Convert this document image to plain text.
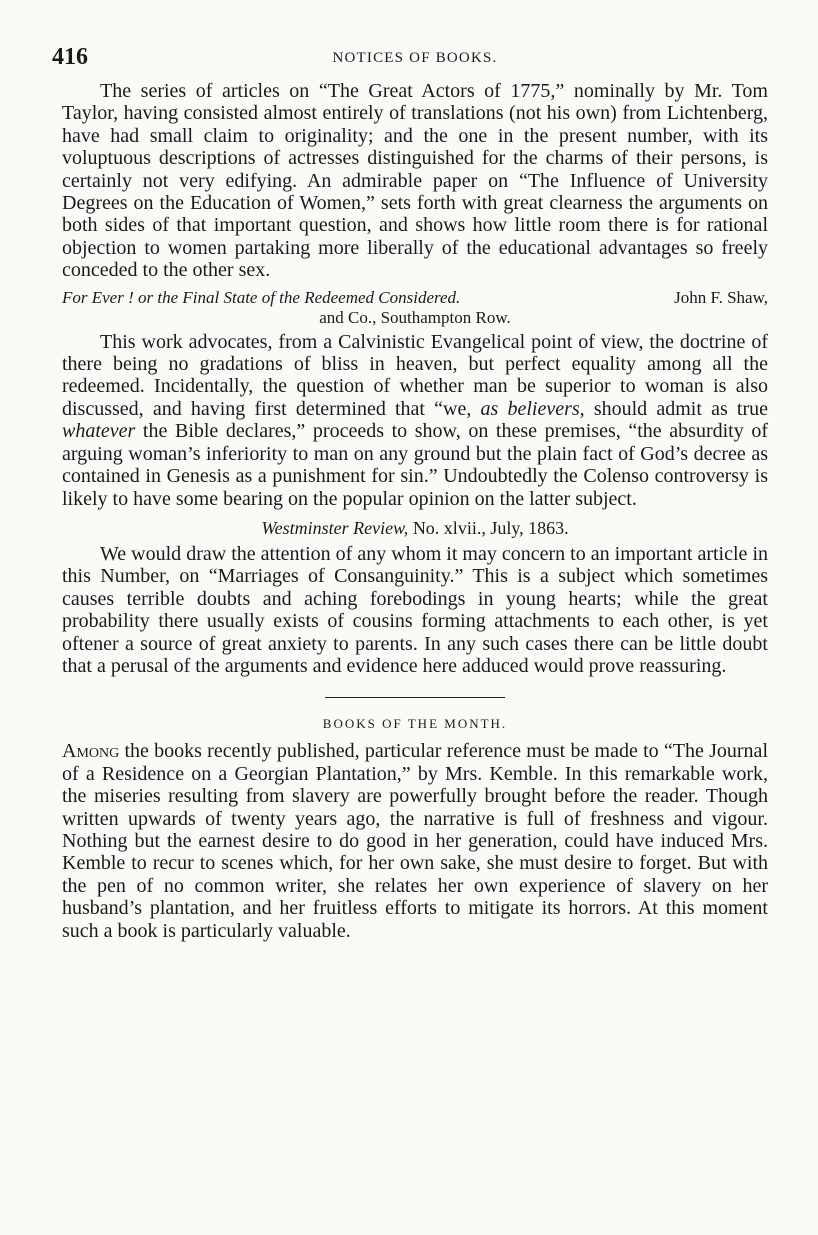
416	NOTICES OF BOOKS.

The series of articles on “The Great Actors of 1775,” nominally by Mr. Tom Taylor, having consisted almost entirely of translations (not his own) from Lichtenberg, have had small claim to originality; and the one in the present number, with its voluptuous descriptions of actresses distinguished for the charms of their persons, is certainly not very edifying. An admirable paper on “The Influence of University Degrees on the Education of Women,” sets forth with great clearness the arguments on both sides of that important question, and shows how little room there is for rational objection to women partaking more liberally of the educational advantages so freely conceded to the other sex.

John F. Shaw,
For Ever ! or the Final State of the Redeemed Considered.
and Co., Southampton Row.

This work advocates, from a Calvinistic Evangelical point of view, the doctrine of there being no gradations of bliss in heaven, but perfect equality among all the redeemed. Incidentally, the question of whether man be superior to woman is also discussed, and having first determined that “we, as believers, should admit as true whatever the Bible declares,” proceeds to show, on these premises, “the absurdity of arguing woman’s inferiority to man on any ground but the plain fact of God’s decree as contained in Genesis as a punishment for sin.” Undoubtedly the Colenso controversy is likely to have some bearing on the popular opinion on the latter subject.

Westminster Review, No. xlvii., July, 1863.

We would draw the attention of any whom it may concern to an important article in this Number, on “Marriages of Consanguinity.” This is a subject which sometimes causes terrible doubts and aching forebodings in young hearts; while the great probability there usually exists of cousins forming attachments to each other, is yet oftener a source of great anxiety to parents. In any such cases there can be little doubt that a perusal of the arguments and evidence here adduced would prove reassuring.

BOOKS OF THE MONTH.

Among the books recently published, particular reference must be made to “The Journal of a Residence on a Georgian Plantation,” by Mrs. Kemble. In this remarkable work, the miseries resulting from slavery are powerfully brought before the reader. Though written upwards of twenty years ago, the narrative is full of freshness and vigour. Nothing but the earnest desire to do good in her generation, could have induced Mrs. Kemble to recur to scenes which, for her own sake, she must desire to forget. But with the pen of no common writer, she relates her own experience of slavery on her husband’s plantation, and her fruitless efforts to mitigate its horrors. At this moment such a book is particularly valuable.
